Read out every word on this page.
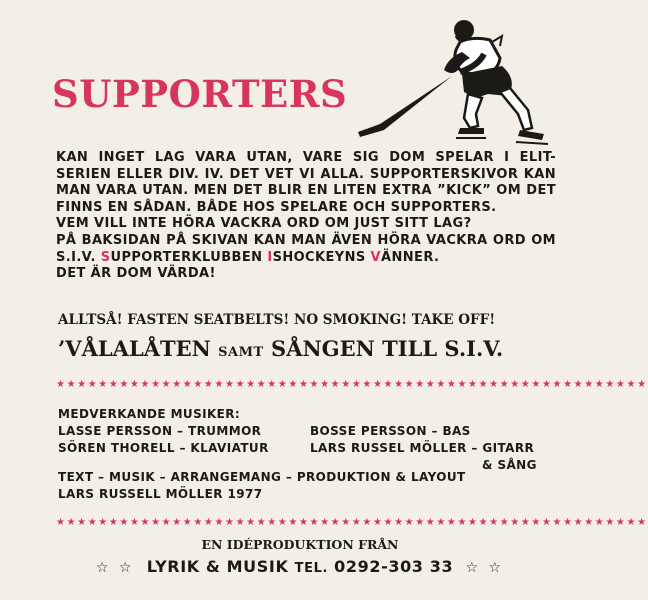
SUPPORTERS

KAN INGET LAG VARA UTAN, VARE SIG DOM SPELAR I ELIT-SERIEN ELLER DIV. IV. DET VET VI ALLA. SUPPORTERSKIVOR KAN MAN VARA UTAN. MEN DET BLIR EN LITEN EXTRA ”KICK” OM DET FINNS EN SÅDAN. BÅDE HOS SPELARE OCH SUPPORTERS.

VEM VILL INTE HÖRA VACKRA ORD OM JUST SITT LAG?

PÅ BAKSIDAN PÅ SKIVAN KAN MAN ÄVEN HÖRA VACKRA ORD OM S.I.V. SUPPORTERKLUBBEN ISHOCKEYNS VÄNNER.

DET ÄR DOM VÄRDA!

ALLTSÅ! FASTEN SEATBELTS! NO SMOKING! TAKE OFF!
’VÅLALÅTEN SAMT SÅNGEN TILL S.I.V.
★★★★★★★★★★★★★★★★★★★★★★★★★★★★★★★★★★★★★★★★★★★★★★★★★★★★★★★★
MEDVERKANDE MUSIKER:
LASSE PERSSON – TRUMMOR
SÖREN THORELL – KLAVIATUR
BOSSE PERSSON – BAS
LARS RUSSEL MÖLLER – GITARR
& SÅNG
TEXT – MUSIK – ARRANGEMANG – PRODUKTION & LAYOUT
LARS RUSSELL MÖLLER 1977
★★★★★★★★★★★★★★★★★★★★★★★★★★★★★★★★★★★★★★★★★★★★★★★★★★★★★★★★
EN IDÉPRODUKTION FRÅN
☆ ☆ LYRIK & MUSIK TEL. 0292-303 33 ☆ ☆
